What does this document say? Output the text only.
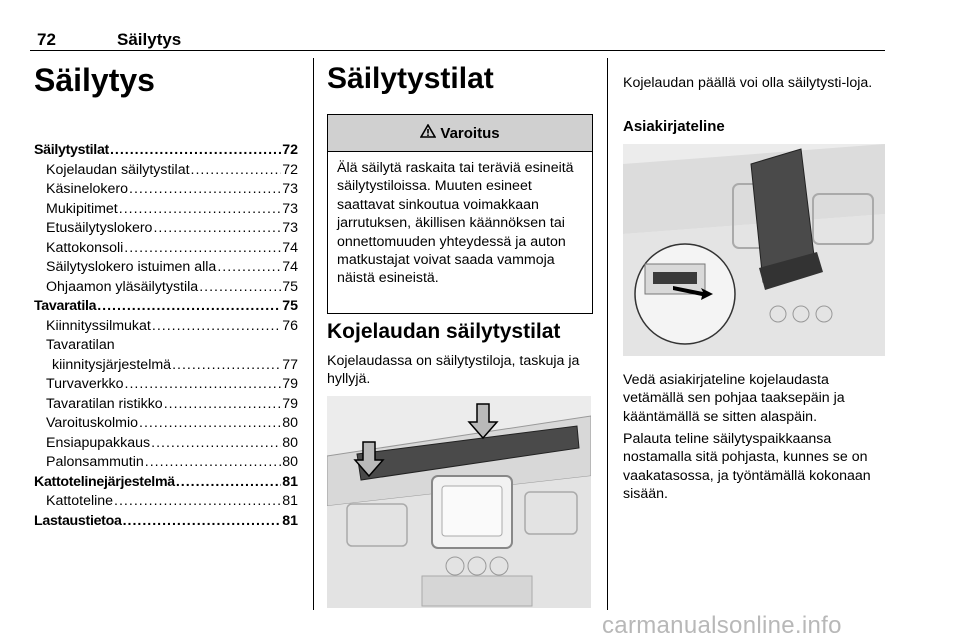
72	Säilytys
Säilytys
Säilytystilat .....	72
Kojelaudan säilytystilat .....	72
Käsinelokero .....	73
Mukipitimet .....	73
Etusäilytyslokero .....	73
Kattokonsoli .....	74
Säilytyslokero istuimen alla .....	74
Ohjaamon yläsäilytystila .....	75
Tavaratila .....	75
Kiinnityssilmukat .....	76
Tavaratilan
kiinnitysjärjestelmä .....	77
Turvaverkko .....	79
Tavaratilan ristikko .....	79
Varoituskolmio .....	80
Ensiapupakkaus .....	80
Palonsammutin .....	80
Kattotelinejärjestelmä .....	81
Kattoteline .....	81
Lastaustietoa .....	81
Säilytystilat
Varoitus
Älä säilytä raskaita tai teräviä esineitä säilytystiloissa. Muuten esineet saattavat sinkoutua voimakkaan jarrutuksen, äkillisen käännöksen tai onnettomuuden yhteydessä ja auton matkustajat voivat saada vammoja näistä esineistä.
Kojelaudan säilytystilat
Kojelaudassa on säilytystiloja, taskuja ja hyllyjä.
Kojelaudan päällä voi olla säilytysti-loja.
Asiakirjateline
Vedä asiakirjateline kojelaudasta vetämällä sen pohjaa taaksepäin ja kääntämällä se sitten alaspäin.
Palauta teline säilytyspaikkaansa nostamalla sitä pohjasta, kunnes se on vaakatasossa, ja työntämällä kokonaan sisään.
carmanualsonline.info
